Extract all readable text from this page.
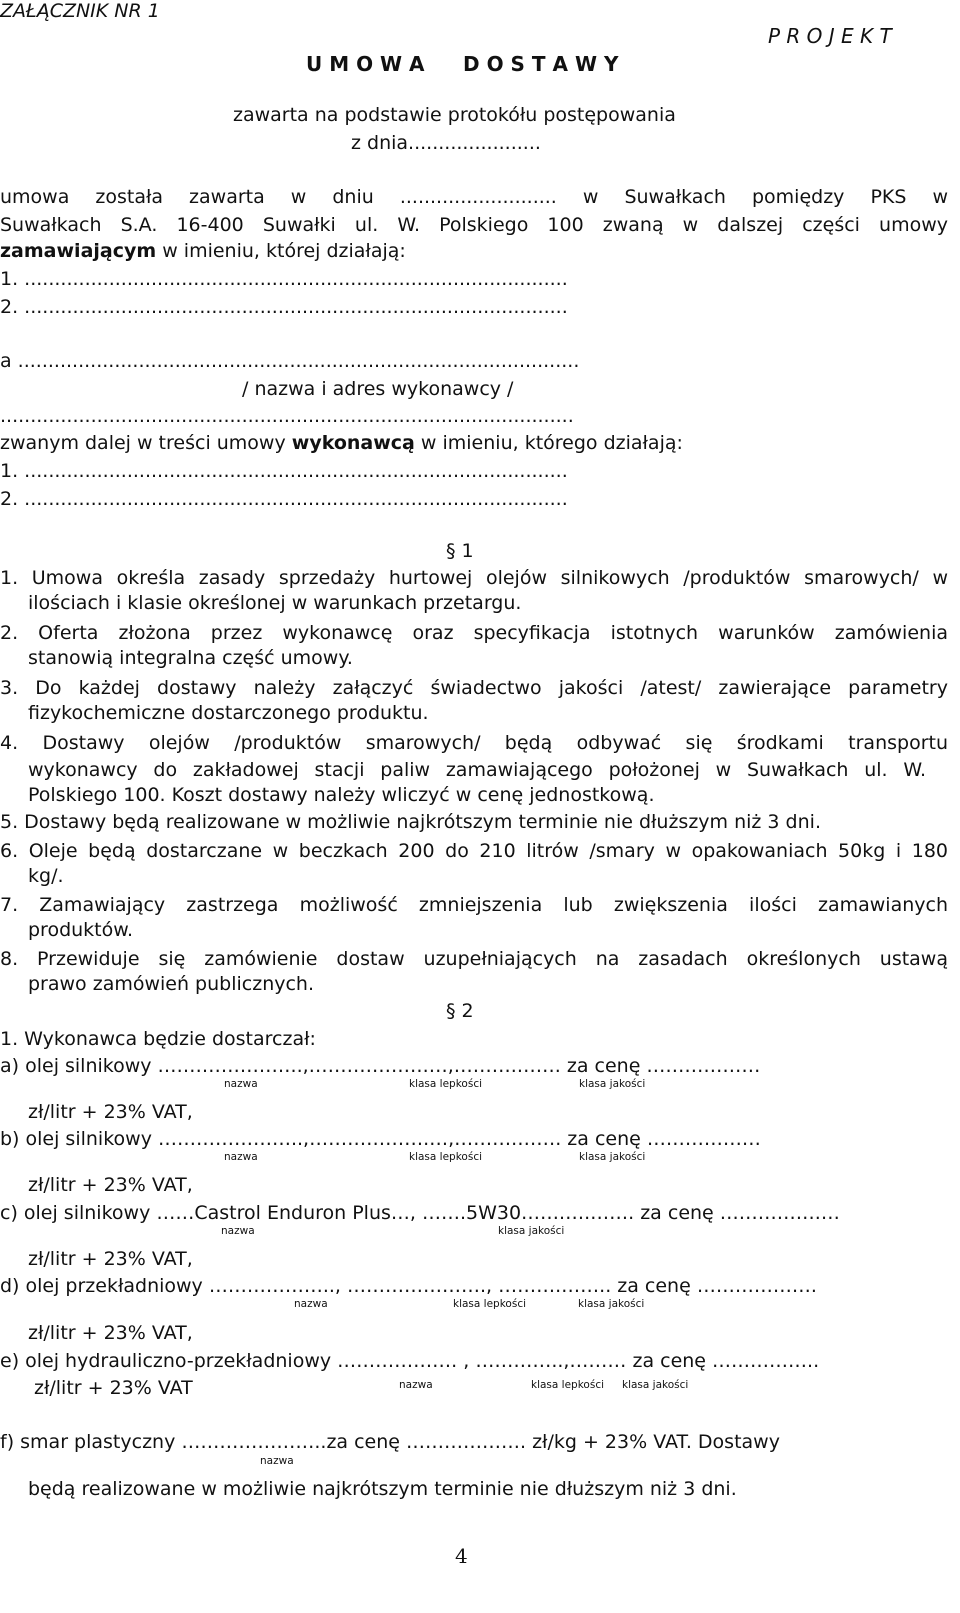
ZAŁĄCZNIK NR 1
U M O W A D O S T A W Y
P R O J E K T
zawarta na podstawie protokółu postępowania
z dnia......................
umowa została zawarta w dniu .......................... w Suwałkach pomiędzy PKS w
Suwałkach S.A. 16-400 Suwałki ul. W. Polskiego 100 zwaną w dalszej części umowy
zamawiającym w imieniu, której działają:
1. ..........................................................................................
2. ..........................................................................................
a .............................................................................................
/ nazwa i adres wykonawcy /
...............................................................................................
zwanym dalej w treści umowy wykonawcą w imieniu, którego działają:
1. ..........................................................................................
2. ..........................................................................................
§ 1
1. Umowa określa zasady sprzedaży hurtowej olejów silnikowych /produktów smarowych/ w
ilościach i klasie określonej w warunkach przetargu.
2. Oferta złożona przez wykonawcę oraz specyfikacja istotnych warunków zamówienia
stanowią integralna część umowy.
3. Do każdej dostawy należy załączyć świadectwo jakości /atest/ zawierające parametry
fizykochemiczne dostarczonego produktu.
4. Dostawy olejów /produktów smarowych/ będą odbywać się środkami transportu
wykonawcy do zakładowej stacji paliw zamawiającego położonej w Suwałkach ul. W.
Polskiego 100. Koszt dostawy należy wliczyć w cenę jednostkową.
5. Dostawy będą realizowane w możliwie najkrótszym terminie nie dłuższym niż 3 dni.
6. Oleje będą dostarczane w beczkach 200 do 210 litrów /smary w opakowaniach 50kg i 180
kg/.
7. Zamawiający zastrzega możliwość zmniejszenia lub zwiększenia ilości zamawianych
produktów.
8. Przewiduje się zamówienie dostaw uzupełniających na zasadach określonych ustawą
prawo zamówień publicznych.
§ 2
1. Wykonawca będzie dostarczał:
a) olej silnikowy …………………..,……………….…,……….……. za cenę ………………
nazwa	klasa lepkości	klasa jakości
zł/litr + 23% VAT,
b) olej silnikowy …………………..,……………….…,……….……. za cenę ………………
nazwa	klasa lepkości	klasa jakości
zł/litr + 23% VAT,
c) olej silnikowy ……Castrol Enduron Plus…, …….5W30…….….……. za cenę …………….…
nazwa	klasa jakości
zł/litr + 23% VAT,
d) olej przekładniowy ……………….., …………………., ……….…….. za cenę ……………….
nazwa	klasa lepkości	klasa jakości
zł/litr + 23% VAT,
e) olej hydrauliczno-przekładniowy ………………. , …………..,……… za cenę ……………..
nazwa	klasa lepkości klasa jakości
zł/litr + 23% VAT
f) smar plastyczny …………………..za cenę ………………. zł/kg + 23% VAT. Dostawy
nazwa
będą realizowane w możliwie najkrótszym terminie nie dłuższym niż 3 dni.
4
